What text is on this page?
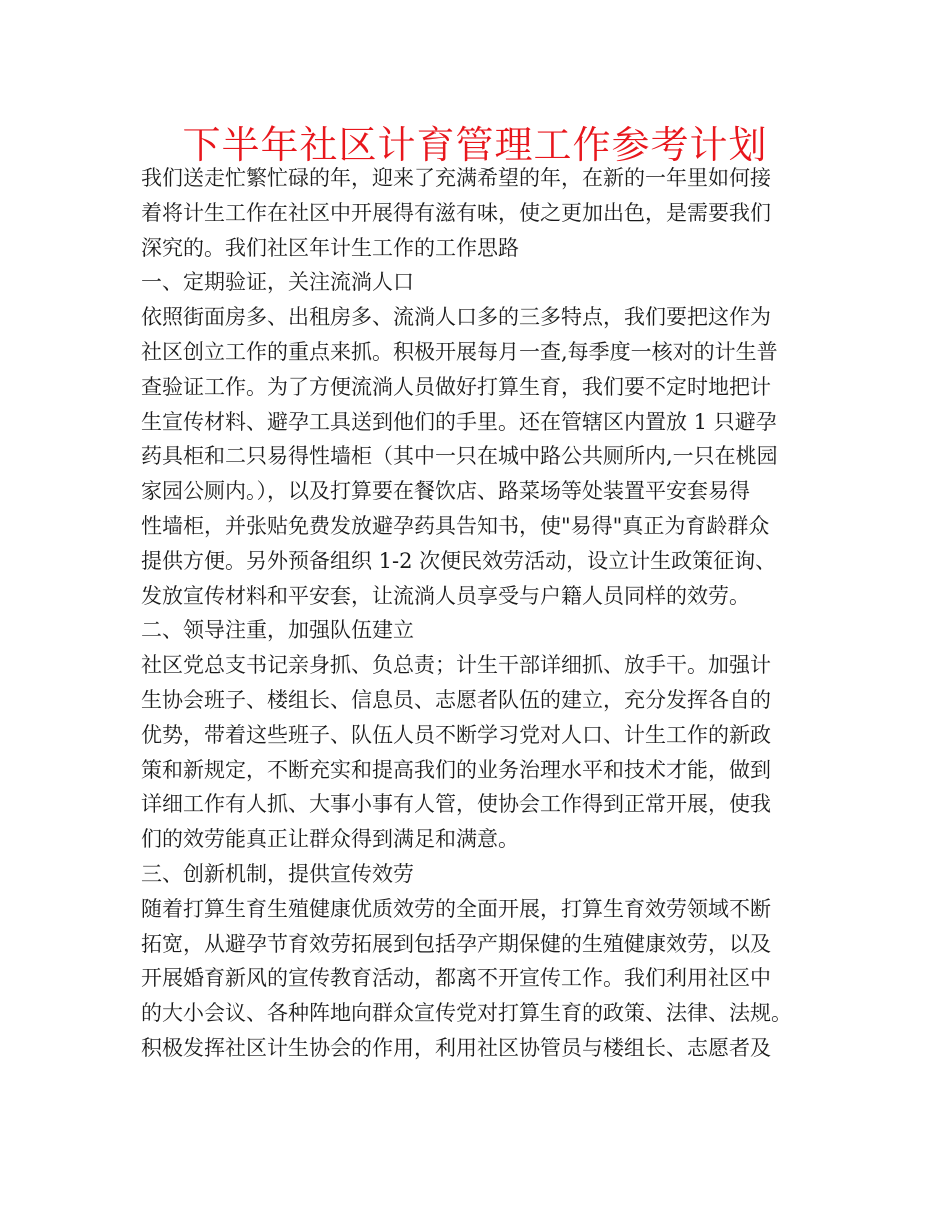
下半年社区计育管理工作参考计划
我们送走忙繁忙碌的年，迎来了充满希望的年，在新的一年里如何接
着将计生工作在社区中开展得有滋有味，使之更加出色，是需要我们
深究的。我们社区年计生工作的工作思路
一、定期验证，关注流淌人口
依照街面房多、出租房多、流淌人口多的三多特点，我们要把这作为
社区创立工作的重点来抓。积极开展每月一查,每季度一核对的计生普
查验证工作。为了方便流淌人员做好打算生育，我们要不定时地把计
生宣传材料、避孕工具送到他们的手里。还在管辖区内置放 1 只避孕
药具柜和二只易得性墙柜（其中一只在城中路公共厕所内,一只在桃园
家园公厕内。），以及打算要在餐饮店、路菜场等处装置平安套易得
性墙柜，并张贴免费发放避孕药具告知书，使"易得"真正为育龄群众
提供方便。另外预备组织 1-2 次便民效劳活动，设立计生政策征询、
发放宣传材料和平安套，让流淌人员享受与户籍人员同样的效劳。
二、领导注重，加强队伍建立
社区党总支书记亲身抓、负总责；计生干部详细抓、放手干。加强计
生协会班子、楼组长、信息员、志愿者队伍的建立，充分发挥各自的
优势，带着这些班子、队伍人员不断学习党对人口、计生工作的新政
策和新规定，不断充实和提高我们的业务治理水平和技术才能，做到
详细工作有人抓、大事小事有人管，使协会工作得到正常开展，使我
们的效劳能真正让群众得到满足和满意。
三、创新机制，提供宣传效劳
随着打算生育生殖健康优质效劳的全面开展，打算生育效劳领域不断
拓宽，从避孕节育效劳拓展到包括孕产期保健的生殖健康效劳，以及
开展婚育新风的宣传教育活动，都离不开宣传工作。我们利用社区中
的大小会议、各种阵地向群众宣传党对打算生育的政策、法律、法规。
积极发挥社区计生协会的作用，利用社区协管员与楼组长、志愿者及
